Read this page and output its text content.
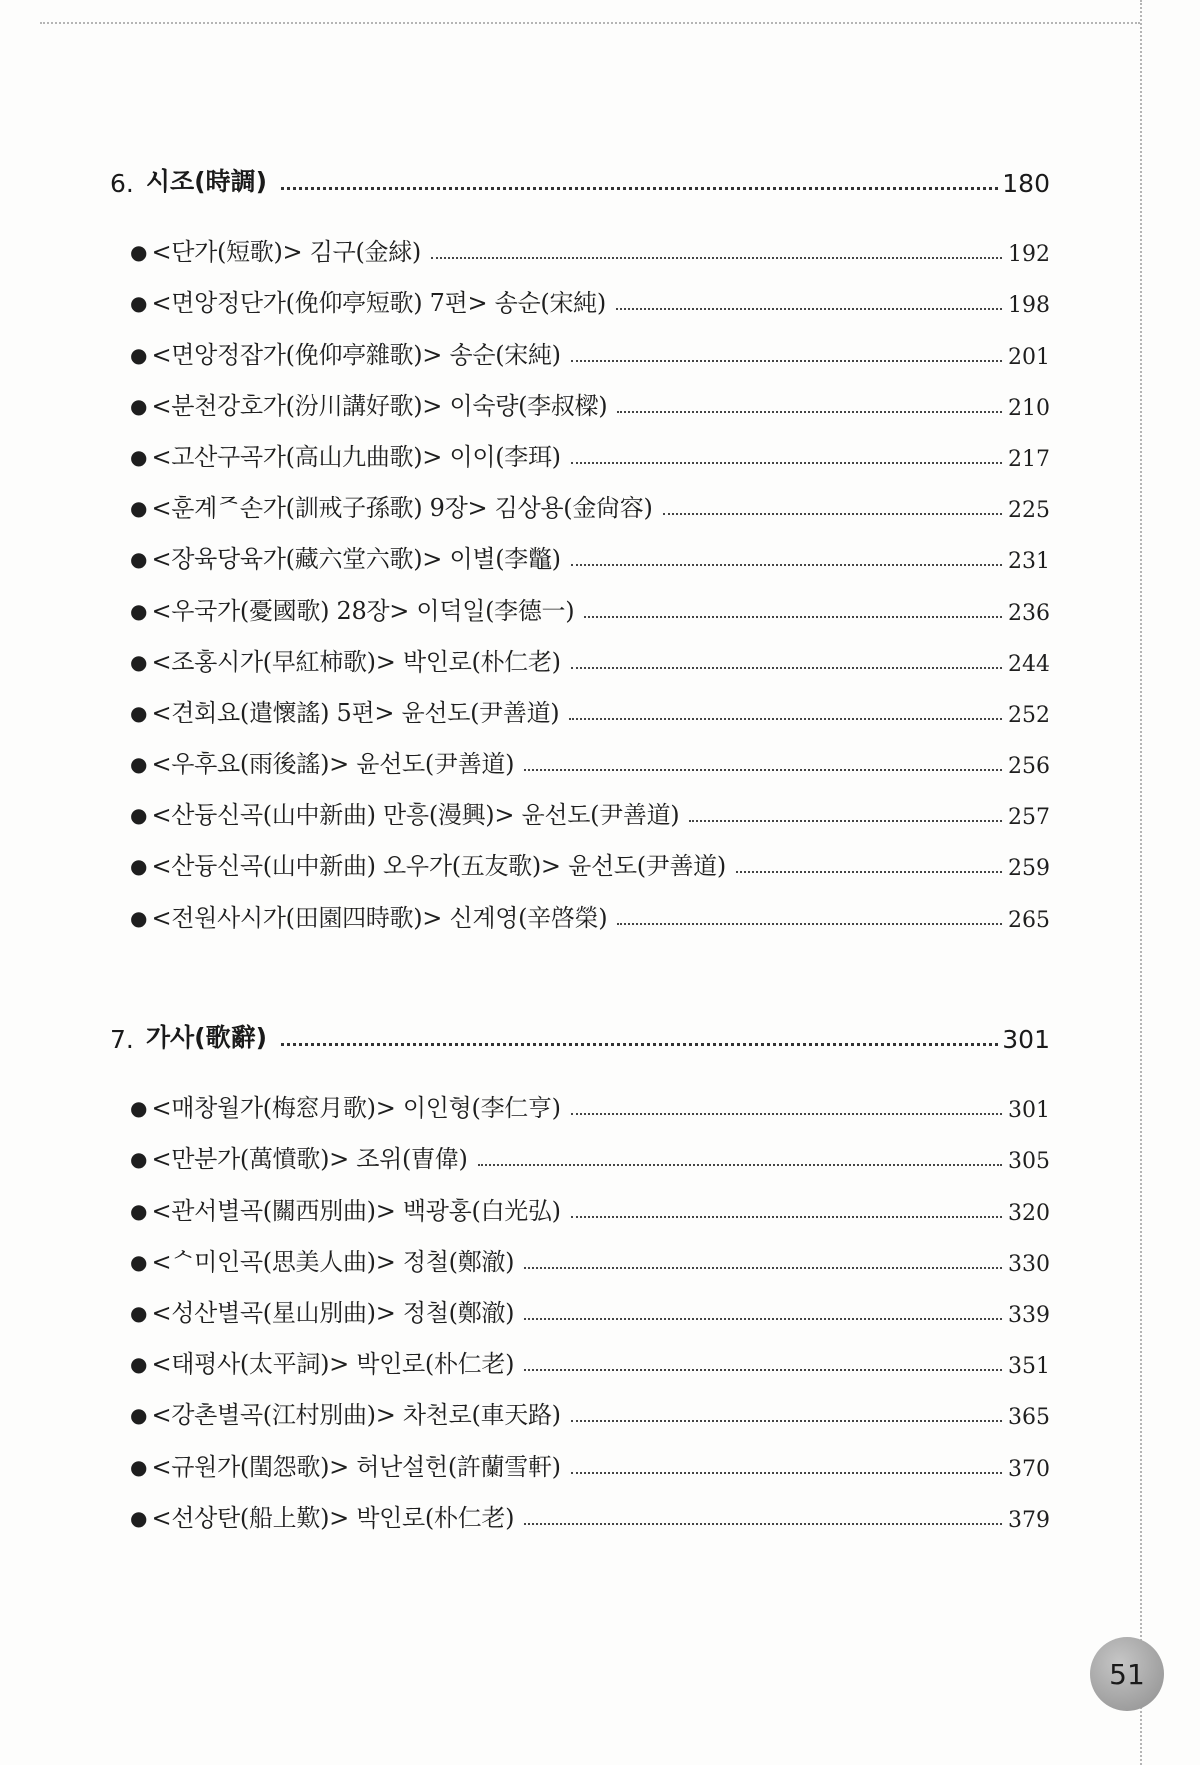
6. 시조(時調)	180
● <단가(短歌)> 김구(金絿)	192
● <면앙정단가(俛仰亭短歌) 7편> 송순(宋純)	198
● <면앙정잡가(俛仰亭雜歌)> 송순(宋純)	201
● <분천강호가(汾川講好歌)> 이숙량(李叔樑)	210
● <고산구곡가(高山九曲歌)> 이이(李珥)	217
● <훈계ᄌ손가(訓戒子孫歌) 9장> 김상용(金尙容)	225
● <장육당육가(藏六堂六歌)> 이별(李鼈)	231
● <우국가(憂國歌) 28장> 이덕일(李德一)	236
● <조홍시가(早紅柿歌)> 박인로(朴仁老)	244
● <견회요(遣懷謠) 5편> 윤선도(尹善道)	252
● <우후요(雨後謠)> 윤선도(尹善道)	256
● <산듕신곡(山中新曲) 만흥(漫興)> 윤선도(尹善道)	257
● <산듕신곡(山中新曲) 오우가(五友歌)> 윤선도(尹善道)	259
● <전원사시가(田園四時歌)> 신계영(辛啓榮)	265
7. 가사(歌辭)	301
● <매창월가(梅窓月歌)> 이인형(李仁亨)	301
● <만분가(萬憤歌)> 조위(曺偉)	305
● <관서별곡(關西別曲)> 백광홍(白光弘)	320
● <ᄉ미인곡(思美人曲)> 정철(鄭澈)	330
● <성산별곡(星山別曲)> 정철(鄭澈)	339
● <태평사(太平詞)> 박인로(朴仁老)	351
● <강촌별곡(江村別曲)> 차천로(車天路)	365
● <규원가(閨怨歌)> 허난설헌(許蘭雪軒)	370
● <선상탄(船上歎)> 박인로(朴仁老)	379
51
